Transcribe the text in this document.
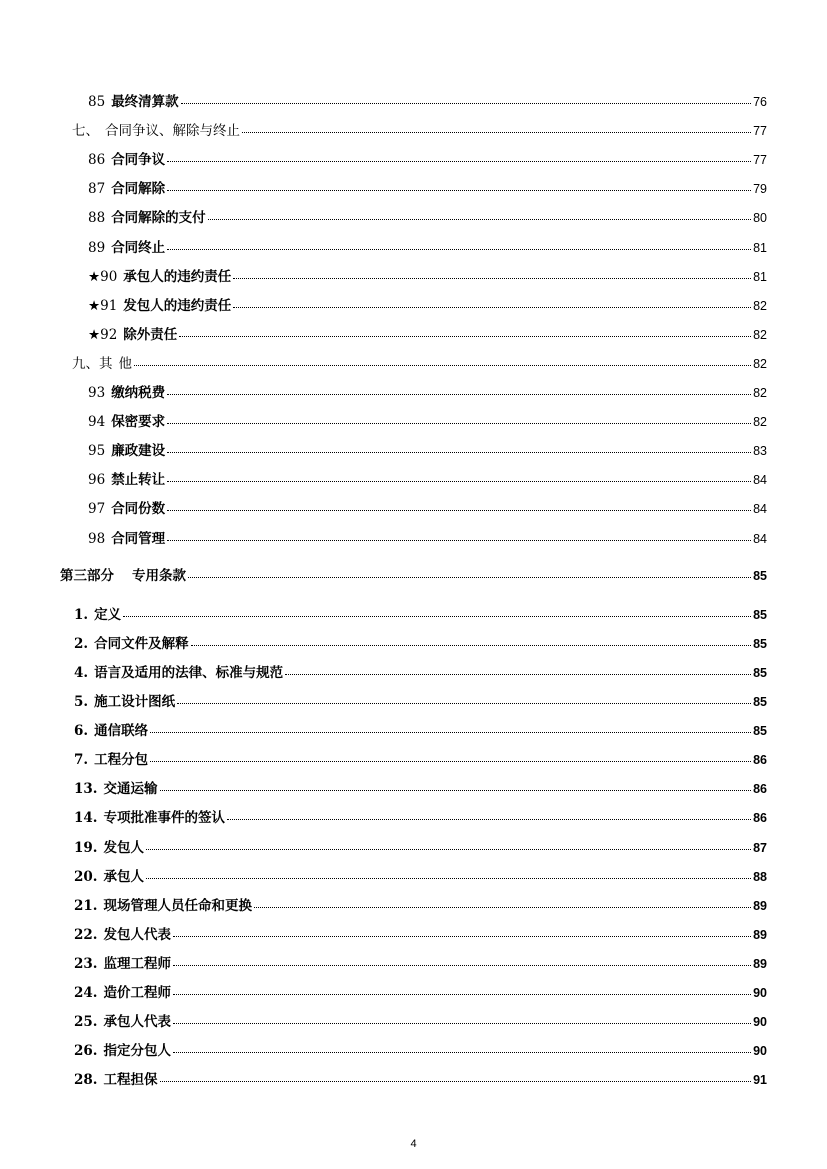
85 最终清算款	76
七、 合同争议、解除与终止	77
86 合同争议	77
87 合同解除	79
88 合同解除的支付	80
89 合同终止	81
★90 承包人的违约责任	81
★91 发包人的违约责任	82
★92 除外责任	82
九、其 他	82
93 缴纳税费	82
94 保密要求	82
95 廉政建设	83
96 禁止转让	84
97 合同份数	84
98 合同管理	84
第三部分 专用条款	85
1. 定义	85
2. 合同文件及解释	85
4. 语言及适用的法律、标准与规范	85
5. 施工设计图纸	85
6. 通信联络	85
7. 工程分包	86
13. 交通运输	86
14. 专项批准事件的签认	86
19. 发包人	87
20. 承包人	88
21. 现场管理人员任命和更换	89
22. 发包人代表	89
23. 监理工程师	89
24. 造价工程师	90
25. 承包人代表	90
26. 指定分包人	90
28. 工程担保	91
4
